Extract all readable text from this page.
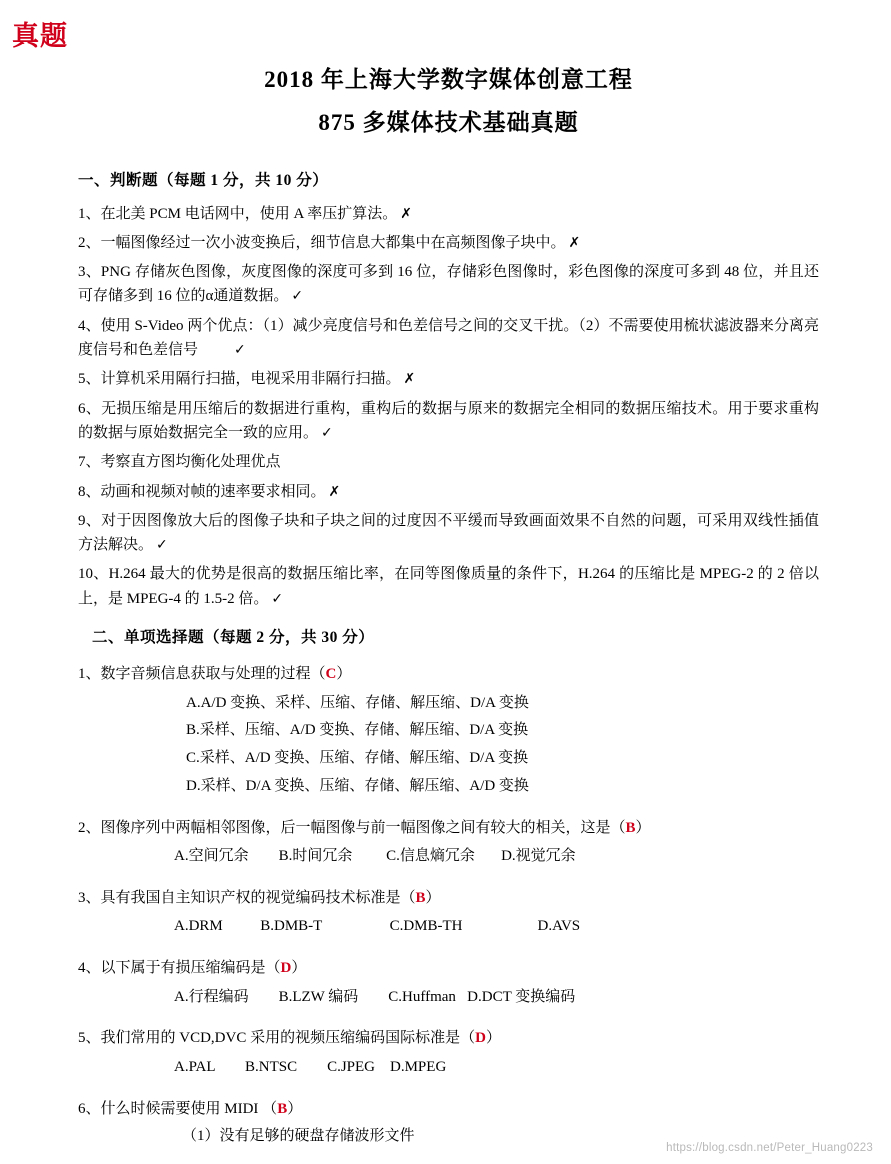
真题
2018 年上海大学数字媒体创意工程
875 多媒体技术基础真题
一、判断题（每题 1 分，共 10 分）

1、在北美 PCM 电话网中，使用 A 率压扩算法。 ✗

2、一幅图像经过一次小波变换后，细节信息大都集中在高频图像子块中。 ✗

3、PNG 存储灰色图像，灰度图像的深度可多到 16 位，存储彩色图像时，彩色图像的深度可多到 48 位，并且还可存储多到 16 位的α通道数据。 ✓

4、使用 S-Video 两个优点：（1）减少亮度信号和色差信号之间的交叉干扰。（2）不需要使用梳状滤波器来分离亮度信号和色差信号	✓

5、计算机采用隔行扫描，电视采用非隔行扫描。 ✗

6、无损压缩是用压缩后的数据进行重构，重构后的数据与原来的数据完全相同的数据压缩技术。用于要求重构的数据与原始数据完全一致的应用。 ✓

7、考察直方图均衡化处理优点

8、动画和视频对帧的速率要求相同。 ✗

9、对于因图像放大后的图像子块和子块之间的过度因不平缓而导致画面效果不自然的问题，可采用双线性插值方法解决。 ✓

10、H.264 最大的优势是很高的数据压缩比率，在同等图像质量的条件下，H.264 的压缩比是 MPEG-2 的 2 倍以上，是 MPEG-4 的 1.5-2 倍。 ✓

二、单项选择题（每题 2 分，共 30 分）

1、数字音频信息获取与处理的过程（C）

A.A/D 变换、采样、压缩、存储、解压缩、D/A 变换
B.采样、压缩、A/D 变换、存储、解压缩、D/A 变换
C.采样、A/D 变换、压缩、存储、解压缩、D/A 变换
D.采样、D/A 变换、压缩、存储、解压缩、A/D 变换

2、图像序列中两幅相邻图像，后一幅图像与前一幅图像之间有较大的相关，这是（B）

A.空间冗余        B.时间冗余         C.信息熵冗余       D.视觉冗余

3、具有我国自主知识产权的视觉编码技术标准是（B）

A.DRM          B.DMB-T                  C.DMB-TH                    D.AVS

4、以下属于有损压缩编码是（D）

A.行程编码        B.LZW 编码        C.Huffman   D.DCT 变换编码

5、我们常用的 VCD,DVC 采用的视频压缩编码国际标准是（D）

A.PAL        B.NTSC        C.JPEG    D.MPEG

6、什么时候需要使用 MIDI （B）

（1）没有足够的硬盘存储波形文件
https://blog.csdn.net/Peter_Huang0223
